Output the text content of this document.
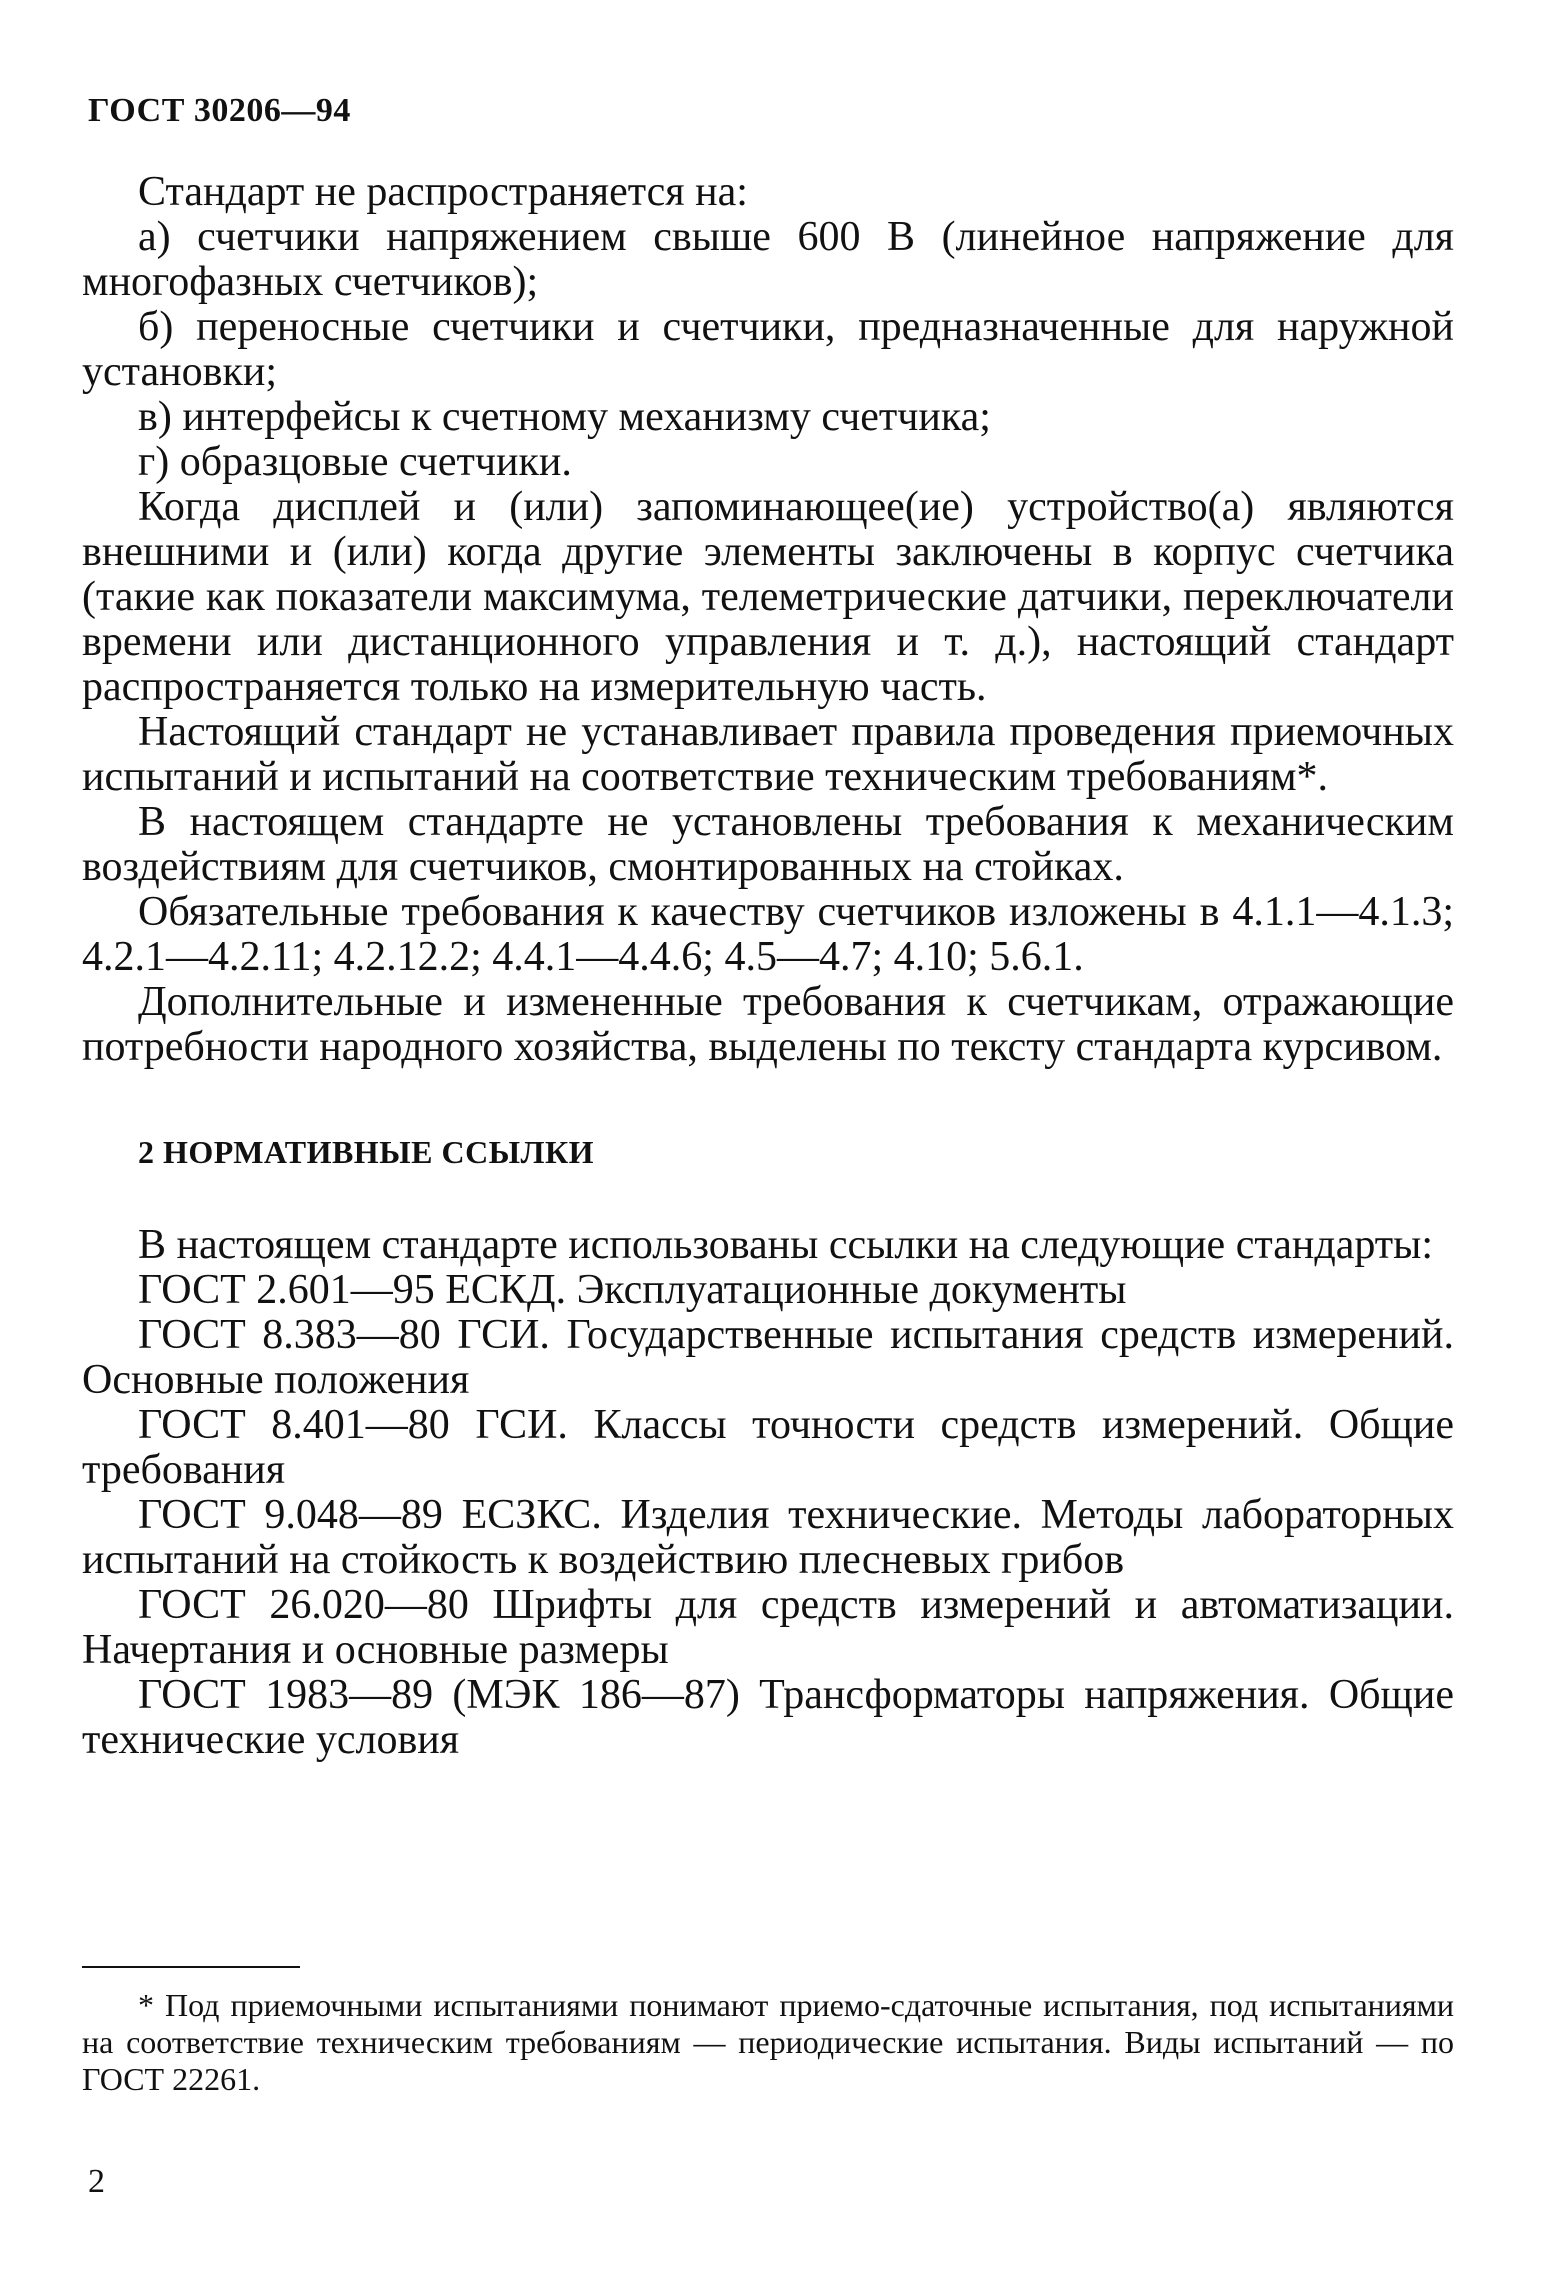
ГОСТ 30206—94

Стандарт не распространяется на:

а) счетчики напряжением свыше 600 В (линейное напряжение для многофазных счетчиков);

б) переносные счетчики и счетчики, предназначенные для наружной установки;

в) интерфейсы к счетному механизму счетчика;

г) образцовые счетчики.

Когда дисплей и (или) запоминающее(ие) устройство(а) являются внешними и (или) когда другие элементы заключены в корпус счетчика (такие как показатели максимума, телеметрические датчики, переключатели времени или дистанционного управления и т. д.), настоящий стандарт распространяется только на измерительную часть.

Настоящий стандарт не устанавливает правила проведения приемочных испытаний и испытаний на соответствие техническим требованиям*.

В настоящем стандарте не установлены требования к механическим воздействиям для счетчиков, смонтированных на стойках.

Обязательные требования к качеству счетчиков изложены в 4.1.1—4.1.3; 4.2.1—4.2.11; 4.2.12.2; 4.4.1—4.4.6; 4.5—4.7; 4.10; 5.6.1.

Дополнительные и измененные требования к счетчикам, отражающие потребности народного хозяйства, выделены по тексту стандарта курсивом.

2 НОРМАТИВНЫЕ ССЫЛКИ

В настоящем стандарте использованы ссылки на следующие стандарты:

ГОСТ 2.601—95 ЕСКД. Эксплуатационные документы

ГОСТ 8.383—80 ГСИ. Государственные испытания средств измерений. Основные положения

ГОСТ 8.401—80 ГСИ. Классы точности средств измерений. Общие требования

ГОСТ 9.048—89 ЕСЗКС. Изделия технические. Методы лабораторных испытаний на стойкость к воздействию плесневых грибов

ГОСТ 26.020—80 Шрифты для средств измерений и автоматизации. Начертания и основные размеры

ГОСТ 1983—89 (МЭК 186—87) Трансформаторы напряжения. Общие технические условия

* Под приемочными испытаниями понимают приемо-сдаточные испытания, под испытаниями на соответствие техническим требованиям — периодические испытания. Виды испытаний — по ГОСТ 22261.
2
